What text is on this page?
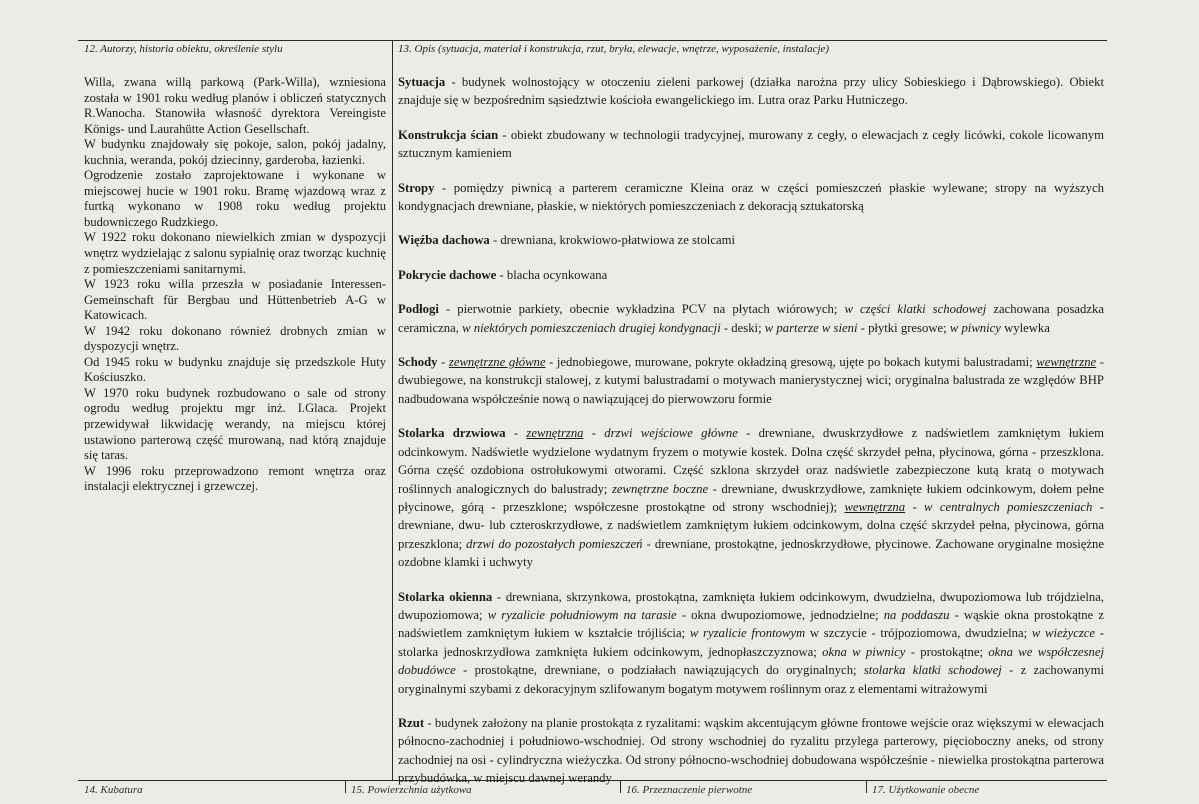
12. Autorzy, historia obiektu, określenie stylu	13. Opis (sytuacja, materiał i konstrukcja, rzut, bryła, elewacje, wnętrze, wyposażenie, instalacje)

Willa, zwana willą parkową (Park-Willa), wzniesiona została w 1901 roku według planów i obliczeń statycznych R.Wanocha. Stanowiła własność dyrektora Vereingiste Königs- und Laurahütte Action Gesellschaft.

W budynku znajdowały się pokoje, salon, pokój jadalny, kuchnia, weranda, pokój dziecinny, garderoba, łazienki.

Ogrodzenie zostało zaprojektowane i wykonane w miejscowej hucie w 1901 roku. Bramę wjazdową wraz z furtką wykonano w 1908 roku według projektu budowniczego Rudzkiego.

W 1922 roku dokonano niewielkich zmian w dyspozycji wnętrz wydzielając z salonu sypialnię oraz tworząc kuchnię z pomieszczeniami sanitarnymi.

W 1923 roku willa przeszła w posiadanie Interessen-Gemeinschaft für Bergbau und Hüttenbetrieb A-G w Katowicach.

W 1942 roku dokonano również drobnych zmian w dyspozycji wnętrz.

Od 1945 roku w budynku znajduje się przedszkole Huty Kościuszko.

W 1970 roku budynek rozbudowano o sale od strony ogrodu według projektu mgr inż. I.Glaca. Projekt przewidywał likwidację werandy, na miejscu której ustawiono parterową część murowaną, nad którą znajduje się taras.

W 1996 roku przeprowadzono remont wnętrza oraz instalacji elektrycznej i grzewczej.

Sytuacja - budynek wolnostojący w otoczeniu zieleni parkowej (działka narożna przy ulicy Sobieskiego i Dąbrowskiego). Obiekt znajduje się w bezpośrednim sąsiedztwie kościoła ewangelickiego im. Lutra oraz Parku Hutniczego.

Konstrukcja ścian - obiekt zbudowany w technologii tradycyjnej, murowany z cegły, o elewacjach z cegły licówki, cokole licowanym sztucznym kamieniem

Stropy - pomiędzy piwnicą a parterem ceramiczne Kleina oraz w części pomieszczeń płaskie wylewane; stropy na wyższych kondygnacjach drewniane, płaskie, w niektórych pomieszczeniach z dekoracją sztukatorską

Więźba dachowa - drewniana, krokwiowo-płatwiowa ze stolcami

Pokrycie dachowe - blacha ocynkowana

Podłogi - pierwotnie parkiety, obecnie wykładzina PCV na płytach wiórowych; w części klatki schodowej zachowana posadzka ceramiczna, w niektórych pomieszczeniach drugiej kondygnacji - deski; w parterze w sieni - płytki gresowe; w piwnicy wylewka

Schody - zewnętrzne główne - jednobiegowe, murowane, pokryte okładziną gresową, ujęte po bokach kutymi balustradami; wewnętrzne - dwubiegowe, na konstrukcji stalowej, z kutymi balustradami o motywach manierystycznej wici; oryginalna balustrada ze względów BHP nadbudowana współcześnie nową o nawiązującej do pierwowzoru formie

Stolarka drzwiowa - zewnętrzna - drzwi wejściowe główne - drewniane, dwuskrzydłowe z nadświetlem zamkniętym łukiem odcinkowym. Nadświetle wydzielone wydatnym fryzem o motywie kostek. Dolna część skrzydeł pełna, płycinowa, górna - przeszklona. Górna część ozdobiona ostrołukowymi otworami. Część szklona skrzydeł oraz nadświetle zabezpieczone kutą kratą o motywach roślinnych analogicznych do balustrady; zewnętrzne boczne - drewniane, dwuskrzydłowe, zamknięte łukiem odcinkowym, dołem pełne płycinowe, górą - przeszklone; współczesne prostokątne od strony wschodniej); wewnętrzna - w centralnych pomieszczeniach - drewniane, dwu- lub czteroskrzydłowe, z nadświetlem zamkniętym łukiem odcinkowym, dolna część skrzydeł pełna, płycinowa, górna przeszklona; drzwi do pozostałych pomieszczeń - drewniane, prostokątne, jednoskrzydłowe, płycinowe. Zachowane oryginalne mosiężne ozdobne klamki i uchwyty

Stolarka okienna - drewniana, skrzynkowa, prostokątna, zamknięta łukiem odcinkowym, dwudzielna, dwupoziomowa lub trójdzielna, dwupoziomowa; w ryzalicie południowym na tarasie - okna dwupoziomowe, jednodzielne; na poddaszu - wąskie okna prostokątne z nadświetlem zamkniętym łukiem w kształcie trójliścia; w ryzalicie frontowym w szczycie - trójpoziomowa, dwudzielna; w wieżyczce - stolarka jednoskrzydłowa zamknięta łukiem odcinkowym, jednopłaszczyznowa; okna w piwnicy - prostokątne; okna we współczesnej dobudówce - prostokątne, drewniane, o podziałach nawiązujących do oryginalnych; stolarka klatki schodowej - z zachowanymi oryginalnymi szybami z dekoracyjnym szlifowanym bogatym motywem roślinnym oraz z elementami witrażowymi

Rzut - budynek założony na planie prostokąta z ryzalitami: wąskim akcentującym główne frontowe wejście oraz większymi w elewacjach północno-zachodniej i południowo-wschodniej. Od strony wschodniej do ryzalitu przylega parterowy, pięcioboczny aneks, od strony zachodniej na osi - cylindryczna wieżyczka. Od strony północno-wschodniej dobudowana współcześnie - niewielka prostokątna parterowa przybudówka, w miejscu dawnej werandy

14. Kubatura	15. Powierzchnia użytkowa	16. Przeznaczenie pierwotne	17. Użytkowanie obecne
